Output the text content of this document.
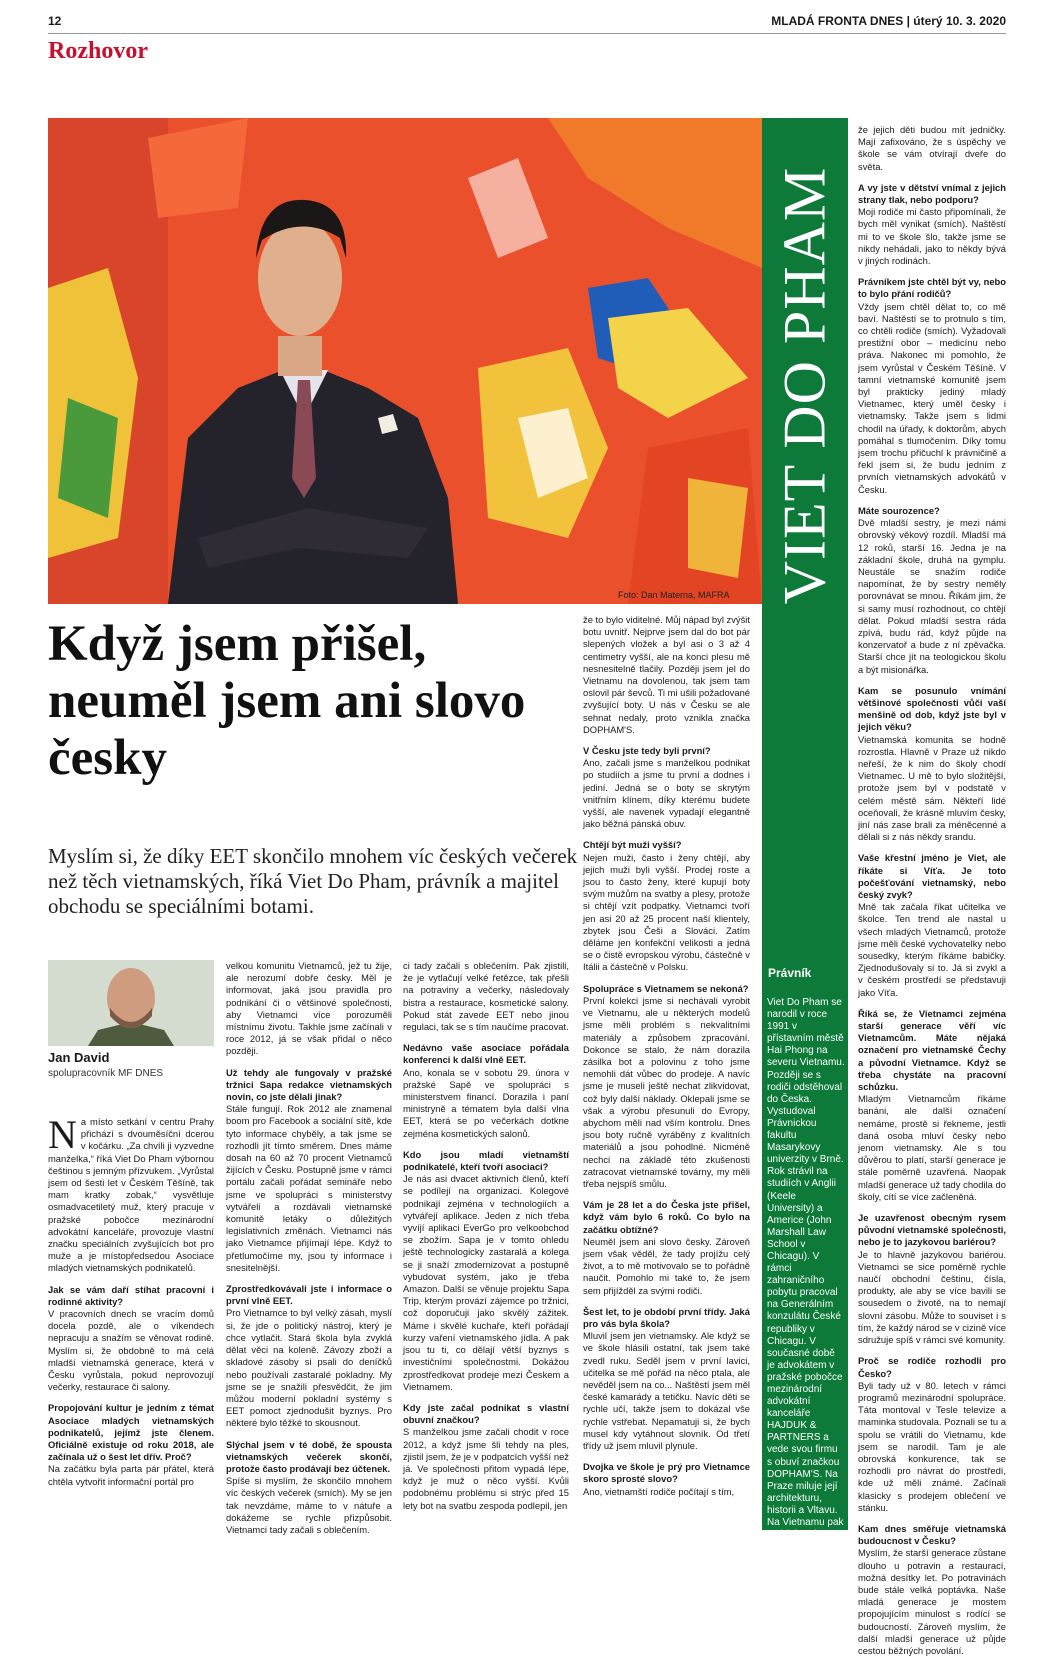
12	MLADÁ FRONTA DNES | úterý 10. 3. 2020
Rozhovor
Foto: Dan Materna, MAFRA VIET DO PHAM
Právník
Viet Do Pham se narodil v roce 1991 v přístavním městě Hai Phong na severu Vietnamu. Později se s rodiči odstěhoval do Česka. Vystudoval Právnickou fakultu Masarykovy univerzity v Brně. Rok strávil na studiích v Anglii (Keele University) a Americe (John Marshall Law School v Chicagu). V rámci zahraničního pobytu pracoval na Generálním konzulátu České republiky v Chicagu. V současné době je advokátem v pražské pobočce mezinárodní advokátní kanceláře HAJDUK & PARTNERS a vede svou firmu s obuví značkou DOPHAM'S. Na Praze miluje její architekturu, historii a Vltavu. Na Vietnamu pak typický ruch, vynikající kuchyni a krásnou přírodu.
Když jsem přišel, neuměl jsem ani slovo česky
Myslím si, že díky EET skončilo mnohem víc českých večerek než těch vietnamských, říká Viet Do Pham, právník a majitel obchodu se speciálními botami.
Jan David
spolupracovník MF DNES

Na místo setkání v centru Prahy přichází s dvouměsíční dcerou v kočárku. „Za chvíli ji vyzvedne manželka,“ říká Viet Do Pham výbornou češtinou s jemným přízvukem. „Vyrůstal jsem od šesti let v Českém Těšíně, tak mam kratky zobak,“ vysvětluje osmadvacetiletý muž, který pracuje v pražské pobočce mezinárodní advokátní kanceláře, provozuje vlastní značku speciálních zvyšujících bot pro muže a je místopředsedou Asociace mladých vietnamských podnikatelů.

Jak se vám daří stíhat pracovní i rodinné aktivity?

V pracovních dnech se vracím domů docela pozdě, ale o víkendech nepracuju a snažím se věnovat rodině. Myslím si, že obdobně to má celá mladší vietnamská generace, která v Česku vyrůstala, pokud neprovozují večerky, restaurace či salony.

Propojování kultur je jedním z témat Asociace mladých vietnamských podnikatelů, jejímž jste členem. Oficiálně existuje od roku 2018, ale začínala už o šest let dřív. Proč?

Na začátku byla parta pár přátel, která chtěla vytvořit informační portál pro

velkou komunitu Vietnamců, jež tu žije, ale nerozumí dobře česky. Měl je informovat, jaká jsou pravidla pro podnikání či o většinové společnosti, aby Vietnamci více porozuměli místnímu životu. Takhle jsme začínali v roce 2012, já se však přidal o něco později.

Už tehdy ale fungovaly v pražské tržnici Sapa redakce vietnamských novin, co jste dělali jinak?

Stále fungují. Rok 2012 ale znamenal boom pro Facebook a sociální sítě, kde tyto informace chyběly, a tak jsme se rozhodli jít tímto směrem. Dnes máme dosah na 60 až 70 procent Vietnamců žijících v Česku. Postupně jsme v rámci portálu začali pořádat semináře nebo jsme ve spolupráci s ministerstvy vytvářeli a rozdávali vietnamské komunitě letáky o důležitých legislativních změnách. Vietnamci nás jako Vietnamce přijímají lépe. Když to přetlumočíme my, jsou ty informace i snesitelnější.

Zprostředkovávali jste i informace o první vlně EET.

Pro Vietnamce to byl velký zásah, myslí si, že jde o politický nástroj, který je chce vytlačit. Stará škola byla zvyklá dělat věci na koleně. Závozy zboží a skladové zásoby si psali do deníčků nebo používali zastaralé pokladny. My jsme se je snažili přesvědčit, že jim můžou moderní pokladní systémy s EET pomoct zjednodušit byznys. Pro některé bylo těžké to skousnout.

Slýchal jsem v té době, že spousta vietnamských večerek skončí, protože často prodávají bez účtenek.

Spíše si myslím, že skončilo mnohem víc českých večerek (smích). My se jen tak nevzdáme, máme to v nátuře a dokážeme se rychle přizpůsobit. Vietnamci tady začali s oblečením.

ci tady začali s oblečením. Pak zjistili, že je vytlačují velké řetězce, tak přešli na potraviny a večerky, následovaly bistra a restaurace, kosmetické salony. Pokud stát zavede EET nebo jinou regulaci, tak se s tím naučíme pracovat.

Nedávno vaše asociace pořádala konferenci k další vlně EET.

Ano, konala se v sobotu 29. února v pražské Sapě ve spolupráci s ministerstvem financí. Dorazila i paní ministryně a tématem byla další vlna EET, která se po večerkách dotkne zejména kosmetických salonů.

Kdo jsou mladí vietnamští podnikatelé, kteří tvoří asociaci?

Je nás asi dvacet aktivních členů, kteří se podílejí na organizaci. Kolegové podnikají zejména v technologiích a vytvářejí aplikace. Jeden z nich třeba vyvíjí aplikaci EverGo pro velkoobchod se zbožím. Sapa je v tomto ohledu ještě technologicky zastaralá a kolega se ji snaží zmodernizovat a postupně vybudovat systém, jako je třeba Amazon. Další se věnuje projektu Sapa Trip, kterým provází zájemce po tržnici, což doporučuji jako skvělý zážitek. Máme i skvělé kuchaře, kteří pořádají kurzy vaření vietnamského jídla. A pak jsou tu ti, co dělají větší byznys s investičními společnostmi. Dokážou zprostředkovat prodeje mezi Českem a Vietnamem.

Kdy jste začal podnikat s vlastní obuvní značkou?

S manželkou jsme začali chodit v roce 2012, a když jsme šli tehdy na ples, zjistil jsem, že je v podpatcích vyšší než já. Ve společnosti přitom vypadá lépe, když je muž o něco vyšší. Kvůli podobnému problému si strýc před 15 lety bot na svatbu zespoda podlepil, jen

že to bylo viditelné. Můj nápad byl zvýšit botu uvnitř. Nejprve jsem dal do bot pár slepených vložek a byl asi o 3 až 4 centimetry vyšší, ale na konci plesu mě nesnesitelně tlačily. Později jsem jel do Vietnamu na dovolenou, tak jsem tam oslovil pár ševců. Ti mi ušili požadované zvyšující boty. U nás v Česku se ale sehnat nedaly, proto vznikla značka DOPHAM'S.

V Česku jste tedy byli první?

Ano, začali jsme s manželkou podnikat po studiích a jsme tu první a dodnes i jediní. Jedná se o boty se skrytým vnitřním klínem, díky kterému budete vyšší, ale navenek vypadají elegantně jako běžná pánská obuv.

Chtějí být muži vyšší?

Nejen muži, často i ženy chtějí, aby jejich muži byli vyšší. Prodej roste a jsou to často ženy, které kupují boty svým mužům na svatby a plesy, protože si chtějí vzít podpatky. Vietnamci tvoří jen asi 20 až 25 procent naší klientely, zbytek jsou Češi a Slováci. Zatím děláme jen konfekční velikosti a jedná se o čistě evropskou výrobu, částečně v Itálii a částečně v Polsku.

Spolupráce s Vietnamem se nekoná?

První kolekci jsme si nechávali vyrobit ve Vietnamu, ale u některých modelů jsme měli problém s nekvalitními materiály a způsobem zpracování. Dokonce se stalo, že nám dorazila zásilka bot a polovinu z toho jsme nemohli dát vůbec do prodeje. A navíc jsme je museli ještě nechat zlikvidovat, což byly další náklady. Oklepali jsme se však a výrobu přesunuli do Evropy, abychom měli nad vším kontrolu. Dnes jsou boty ručně vyráběny z kvalitních materiálů a jsou pohodlné. Nicméně nechci na základě této zkušenosti zatracovat vietnamské továrny, my měli třeba nejspíš smůlu.

Vám je 28 let a do Česka jste přišel, když vám bylo 6 roků. Co bylo na začátku obtížné?

Neuměl jsem ani slovo česky. Zároveň jsem však věděl, že tady projížu celý život, a to mě motivovalo se to pořádně naučit. Pomohlo mi také to, že jsem sem přijížděl za svými rodiči.

Šest let, to je období první třídy. Jaká pro vás byla škola?

Mluvil jsem jen vietnamsky. Ale když se ve škole hlásili ostatní, tak jsem také zvedl ruku. Seděl jsem v první lavici, učitelka se mě pořád na něco ptala, ale nevěděl jsem na co... Naštěstí jsem měl české kamarády a tetičku. Navíc děti se rychle učí, takže jsem to dokázal vše rychle vstřebat. Nepamatuji si, že bych musel kdy vytáhnout slovník. Od třetí třídy už jsem mluvil plynule.

Dvojka ve škole je prý pro Vietnamce skoro sprosté slovo?

Ano, vietnamští rodiče počítají s tím,

že jejich děti budou mít jedničky. Mají zafixováno, že s úspěchy ve škole se vám otvírají dveře do světa.

A vy jste v dětství vnímal z jejich strany tlak, nebo podporu?

Moji rodiče mi často připomínali, že bych měl vynikat (smích). Naštěstí mi to ve škole šlo, takže jsme se nikdy nehádali, jako to někdy bývá v jiných rodinách.

Právníkem jste chtěl být vy, nebo to bylo přání rodičů?

Vždy jsem chtěl dělat to, co mě baví. Naštěstí se to protnulo s tím, co chtěli rodiče (smích). Vyžadovali prestižní obor – medicínu nebo práva. Nakonec mi pomohlo, že jsem vyrůstal v Českém Těšíně. V tamní vietnamské komunitě jsem byl prakticky jediný mladý Vietnamec, který uměl česky i vietnamsky. Takže jsem s lidmi chodil na úřady, k doktorům, abych pomáhal s tlumočením. Díky tomu jsem trochu přičuchl k právničině a řekl jsem si, že budu jedním z prvních vietnamských advokátů v Česku.

Máte sourozence?

Dvě mladší sestry, je mezi námi obrovský věkový rozdíl. Mladší má 12 roků, starší 16. Jedna je na základní škole, druhá na gymplu. Neustále se snažím rodiče napomínat, že by sestry neměly porovnávat se mnou. Říkám jim, že si samy musí rozhodnout, co chtějí dělat. Pokud mladší sestra ráda zpívá, budu rád, když půjde na konzervatoř a bude z ní zpěvačka. Starší chce jít na teologickou školu a být misionářka.

Kam se posunulo vnímání většinové společnosti vůči vaší menšině od dob, když jste byl v jejich věku?

Vietnamská komunita se hodně rozrostla. Hlavně v Praze už nikdo neřeší, že k nim do školy chodí Vietnamec. U mě to bylo složitější, protože jsem byl v podstatě v celém městě sám. Někteří lidé oceňovali, že krásně mluvím česky, jiní nás zase brali za méněcenné a dělali si z nás někdy srandu.

Vaše křestní jméno je Viet, ale říkáte si Víťa. Je toto počešťování vietnamský, nebo český zvyk?

Mně tak začala říkat učitelka ve školce. Ten trend ale nastal u všech mladých Vietnamců, protože jsme měli české vychovatelky nebo sousedky, kterým říkáme babičky. Zjednodušovaly si to. Já si zvykl a v českém prostředí se představuji jako Víťa.

Říká se, že Vietnamci zejména starší generace věří víc Vietnamcům. Máte nějaká označení pro vietnamské Čechy a původní Vietnamce. Když se třeba chystáte na pracovní schůzku.

Mladým Vietnamcům říkáme banáni, ale další označení nemáme, prostě si řekneme, jestli daná osoba mluví česky nebo jenom vietnamsky. Ale s tou důvěrou to platí, starší generace je stále poměrně uzavřená. Naopak mladší generace už tady chodila do školy, cítí se více začleněná.

Je uzavřenost obecným rysem původní vietnamské společnosti, nebo je to jazykovou bariérou?

Je to hlavně jazykovou bariérou. Vietnamci se sice poměrně rychle naučí obchodní češtinu, čísla, produkty, ale aby se více bavili se sousedem o životě, na to nemají slovní zásobu. Může to souviset i s tím, že každý národ se v cizině více sdružuje spíš v rámci své komunity.

Proč se rodiče rozhodli pro Česko?

Byli tady už v 80. letech v rámci programů mezinárodní spolupráce. Táta montoval v Tesle televize a maminka studovala. Poznali se tu a spolu se vrátili do Vietnamu, kde jsem se narodil. Tam je ale obrovská konkurence, tak se rozhodli pro návrat do prostředí, kde už měli známé. Začínali klasicky s prodejem oblečení ve stánku.

Kam dnes směřuje vietnamská budoucnost v Česku?

Myslím, že starší generace zůstane dlouho u potravin a restaurací, možná desítky let. Po potravinách bude stále velká poptávka. Naše mladá generace je mostem propojujícím minulost s rodící se budoucností. Zároveň myslím, že další mladší generace už půjde cestou běžných povolání.
